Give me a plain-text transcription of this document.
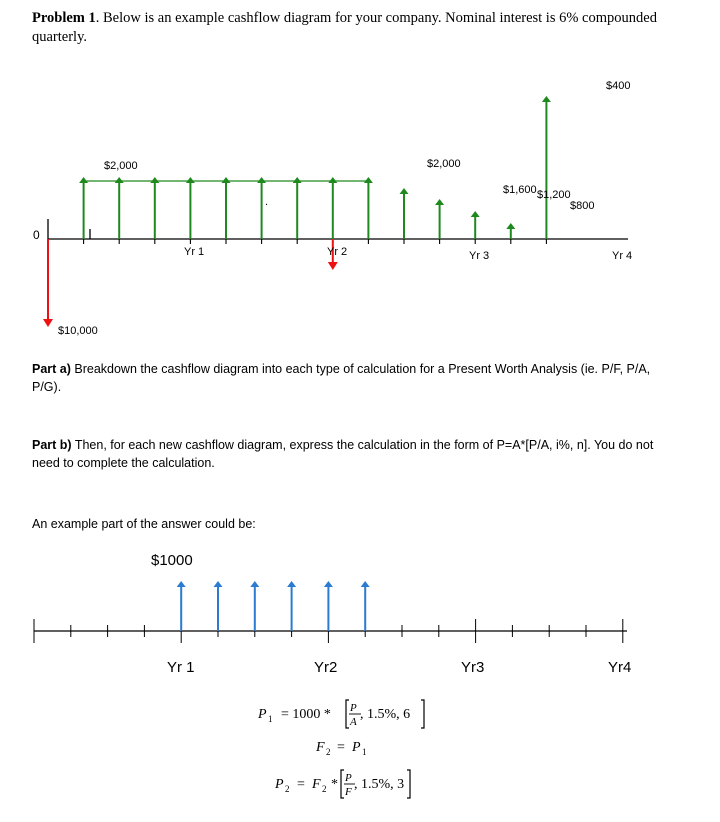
Problem 1. Below is an example cashflow diagram for your company. Nominal interest is 6% compounded quarterly.
0
Yr 1	Yr 2	Yr 3	Yr 4
$2,000	$2,000
$1,600 $1,200
$800
$400
$10,000
.
Part a) Breakdown the cashflow diagram into each type of calculation for a Present Worth Analysis (ie. P/F, P/A, P/G).
Part b) Then, for each new cashflow diagram, express the calculation in the form of P=A*[P/A, i%, n]. You do not need to complete the calculation.
An example part of the answer could be:
$1000
Yr 1	Yr2	Yr3	Yr4
P 1 = 1000 * P
A , 1.5%, 6
F 2 = P 1
P 2 = F 2 * P
F , 1.5%, 3
